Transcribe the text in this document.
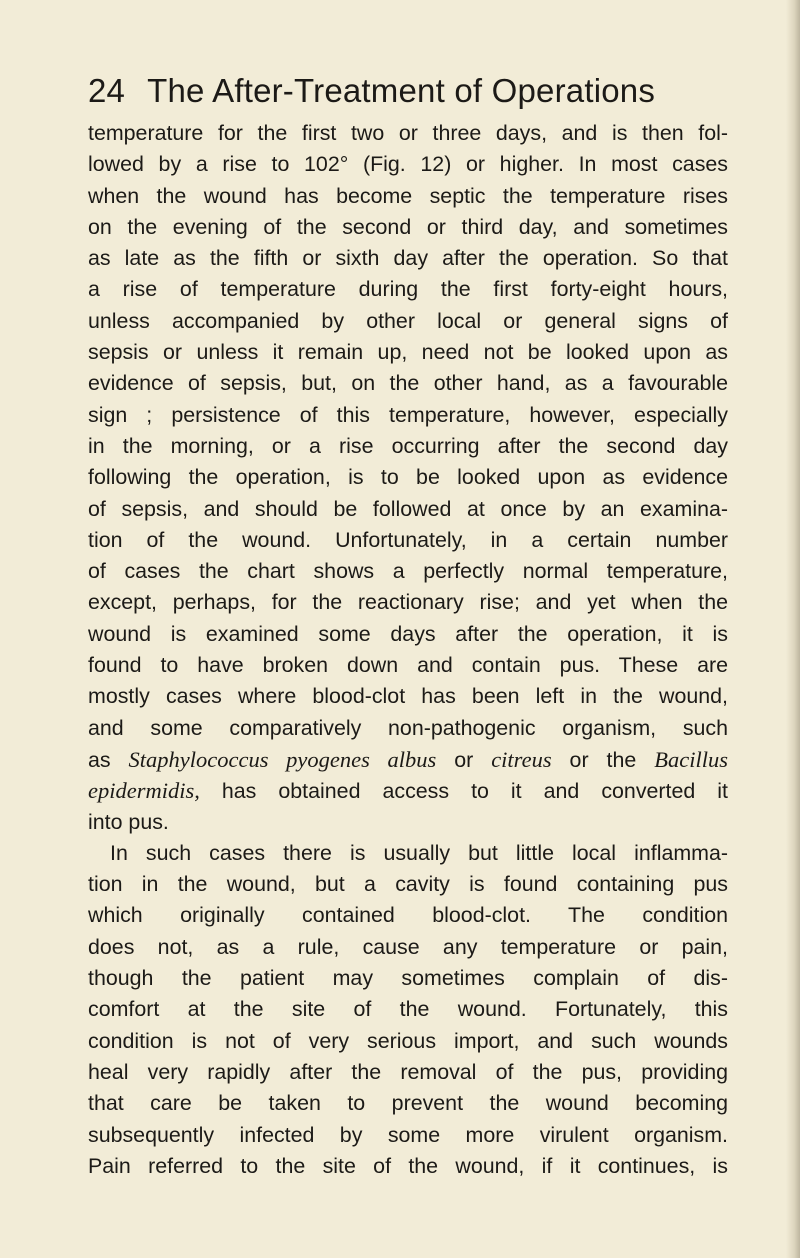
24 The After-Treatment of Operations
temperature for the first two or three days, and is then fol-
lowed by a rise to 102° (Fig. 12) or higher. In most cases
when the wound has become septic the temperature rises
on the evening of the second or third day, and sometimes
as late as the fifth or sixth day after the operation. So that
a rise of temperature during the first forty-eight hours,
unless accompanied by other local or general signs of
sepsis or unless it remain up, need not be looked upon as
evidence of sepsis, but, on the other hand, as a favourable
sign ; persistence of this temperature, however, especially
in the morning, or a rise occurring after the second day
following the operation, is to be looked upon as evidence
of sepsis, and should be followed at once by an examina-
tion of the wound. Unfortunately, in a certain number
of cases the chart shows a perfectly normal temperature,
except, perhaps, for the reactionary rise; and yet when the
wound is examined some days after the operation, it is
found to have broken down and contain pus. These are
mostly cases where blood-clot has been left in the wound,
and some comparatively non-pathogenic organism, such
as Staphylococcus pyogenes albus or citreus or the Bacillus
epidermidis, has obtained access to it and converted it
into pus.
In such cases there is usually but little local inflamma-
tion in the wound, but a cavity is found containing pus
which originally contained blood-clot. The condition
does not, as a rule, cause any temperature or pain,
though the patient may sometimes complain of dis-
comfort at the site of the wound. Fortunately, this
condition is not of very serious import, and such wounds
heal very rapidly after the removal of the pus, providing
that care be taken to prevent the wound becoming
subsequently infected by some more virulent organism.
Pain referred to the site of the wound, if it continues, is
